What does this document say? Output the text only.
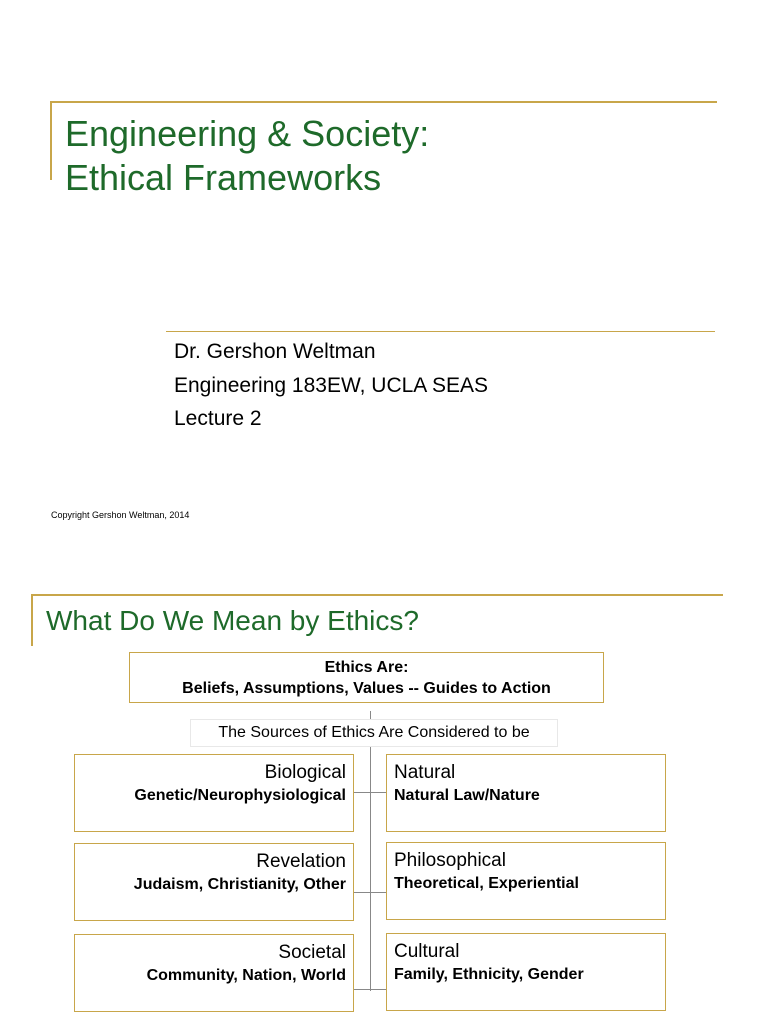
Engineering & Society:
Ethical Frameworks
Dr. Gershon Weltman
Engineering 183EW, UCLA SEAS
Lecture 2
Copyright Gershon Weltman, 2014
What Do We Mean by Ethics?
Ethics Are:
Beliefs, Assumptions, Values -- Guides to Action
The Sources of Ethics Are Considered to be
Biological
Genetic/Neurophysiological
Revelation
Judaism, Christianity, Other
Societal
Community, Nation, World
Natural
Natural Law/Nature
Philosophical
Theoretical, Experiential
Cultural
Family, Ethnicity, Gender
